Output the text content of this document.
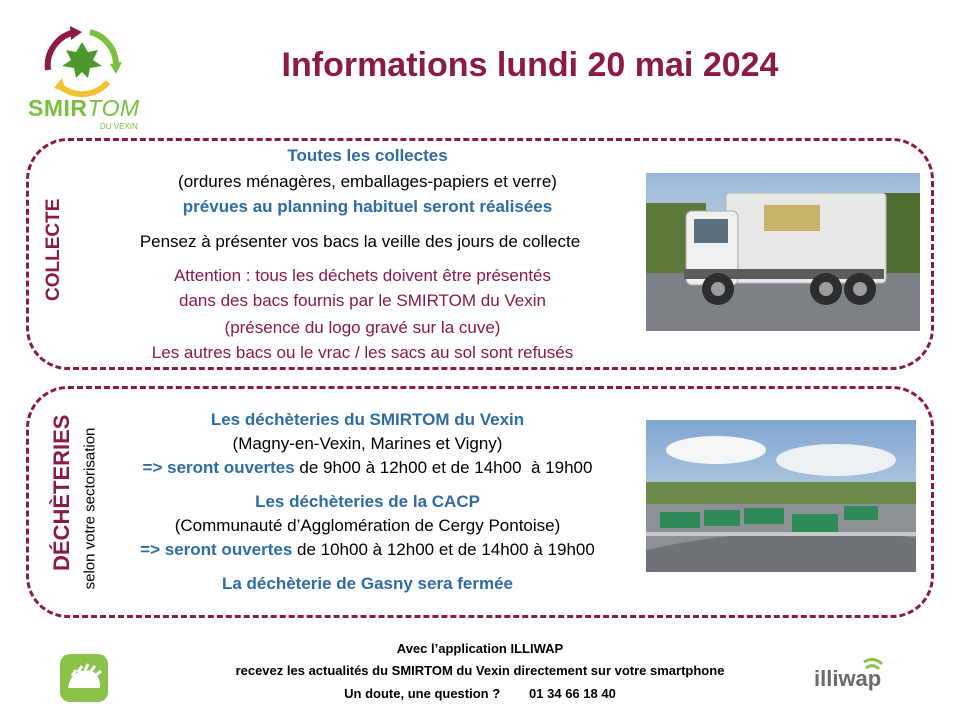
SMIRTOM
DU VEXIN
Informations lundi 20 mai 2024
COLLECTE
Toutes les collectes
(ordures ménagères, emballages-papiers et verre)
prévues au planning habituel seront réalisées
Pensez à présenter vos bacs la veille des jours de collecte
Attention : tous les déchets doivent être présentés
dans des bacs fournis par le SMIRTOM du Vexin
(présence du logo gravé sur la cuve)
Les autres bacs ou le vrac / les sacs au sol sont refusés
DÉCHÈTERIES selon votre sectorisation
Les déchèteries du SMIRTOM du Vexin
(Magny-en-Vexin, Marines et Vigny)
=> seront ouvertes de 9h00 à 12h00 et de 14h00  à 19h00
Les déchèteries de la CACP
(Communauté d’Agglomération de Cergy Pontoise)
=> seront ouvertes de 10h00 à 12h00 et de 14h00 à 19h00
La déchèterie de Gasny sera fermée
Avec l’application ILLIWAP
recevez les actualités du SMIRTOM du Vexin directement sur votre smartphone
Un doute, une question ?        01 34 66 18 40
illiwap
